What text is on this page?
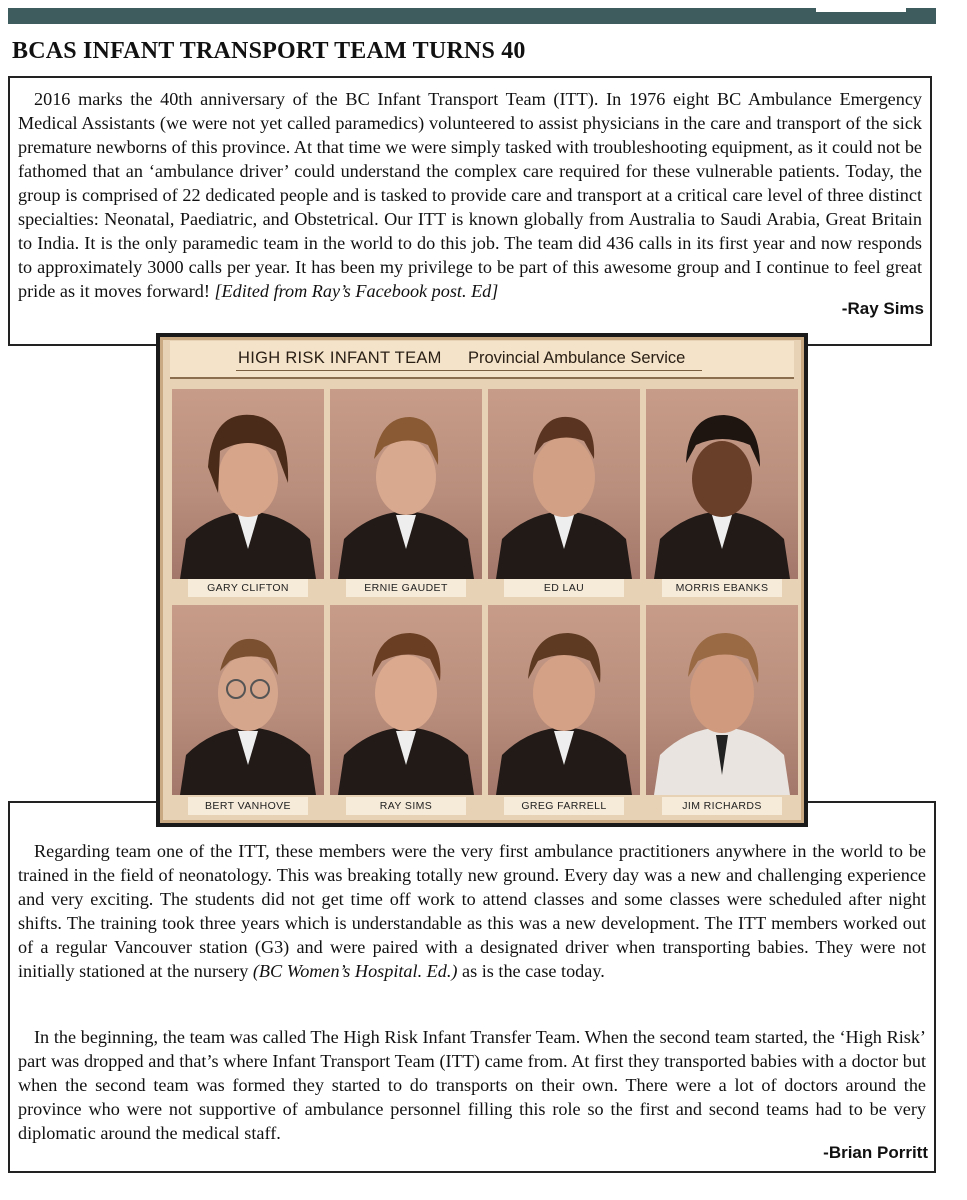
BCAS INFANT TRANSPORT TEAM TURNS 40

2016 marks the 40th anniversary of the BC Infant Transport Team (ITT). In 1976 eight BC Ambulance Emergency Medical Assistants (we were not yet called paramedics) volunteered to assist physicians in the care and transport of the sick premature newborns of this province. At that time we were simply tasked with troubleshooting equipment, as it could not be fathomed that an ‘ambulance driver’ could understand the complex care required for these vulnerable patients. Today, the group is comprised of 22 dedicated people and is tasked to provide care and transport at a critical care level of three distinct specialties: Neonatal, Paediatric, and Obstetrical. Our ITT is known globally from Australia to Saudi Arabia, Great Britain to India. It is the only paramedic team in the world to do this job. The team did 436 calls in its first year and now responds to approximately 3000 calls per year. It has been my privilege to be part of this awesome group and I continue to feel great pride as it moves forward! [Edited from Ray’s Facebook post. Ed]

-Ray Sims

Regarding team one of the ITT, these members were the very first ambulance practitioners anywhere in the world to be trained in the field of neonatology. This was breaking totally new ground. Every day was a new and challenging experience and very exciting. The students did not get time off work to attend classes and some classes were scheduled after night shifts. The training took three years which is understandable as this was a new development. The ITT members worked out of a regular Vancouver station (G3) and were paired with a designated driver when transporting babies. They were not initially stationed at the nursery (BC Women’s Hospital. Ed.) as is the case today.

In the beginning, the team was called The High Risk Infant Transfer Team. When the second team started, the ‘High Risk’ part was dropped and that’s where Infant Transport Team (ITT) came from. At first they transported babies with a doctor but when the second team was formed they started to do transports on their own. There were a lot of doctors around the province who were not supportive of ambulance personnel filling this role so the first and second teams had to be very diplomatic around the medical staff.

-Brian Porritt
HIGH RISK INFANT TEAM Provincial Ambulance Service
GARY CLIFTON	ERNIE GAUDET	ED LAU	MORRIS EBANKS
BERT VANHOVE	RAY SIMS	GREG FARRELL	JIM RICHARDS
